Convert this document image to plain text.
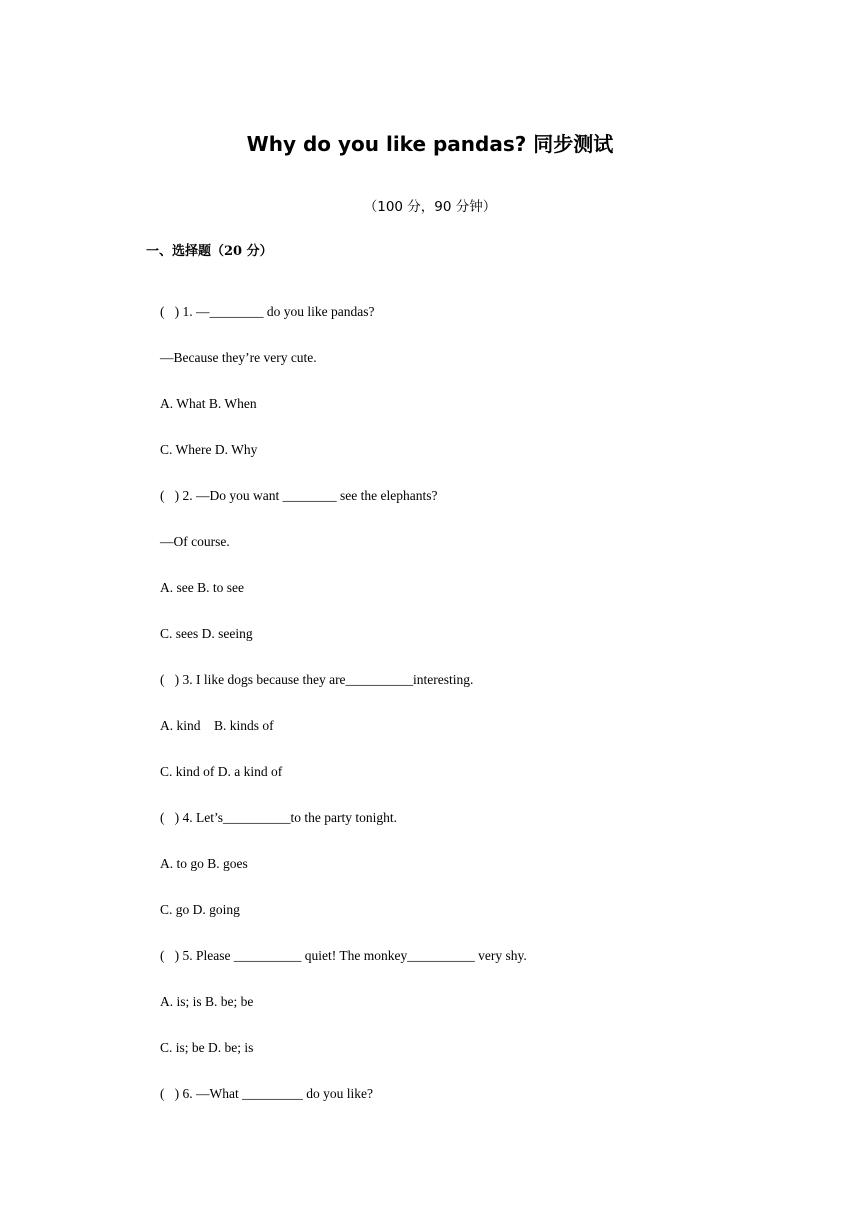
Why do you like pandas? 同步测试
（100 分，90 分钟）
一、选择题（20 分）
(   ) 1. —________ do you like pandas?
—Because they’re very cute.
A. What B. When
C. Where D. Why
(   ) 2. —Do you want ________ see the elephants?
—Of course.
A. see B. to see
C. sees D. seeing
(   ) 3. I like dogs because they are__________interesting.
A. kind    B. kinds of
C. kind of D. a kind of
(   ) 4. Let’s__________to the party tonight.
A. to go B. goes
C. go D. going
(   ) 5. Please __________ quiet! The monkey__________ very shy.
A. is; is B. be; be
C. is; be D. be; is
(   ) 6. —What _________ do you like?
